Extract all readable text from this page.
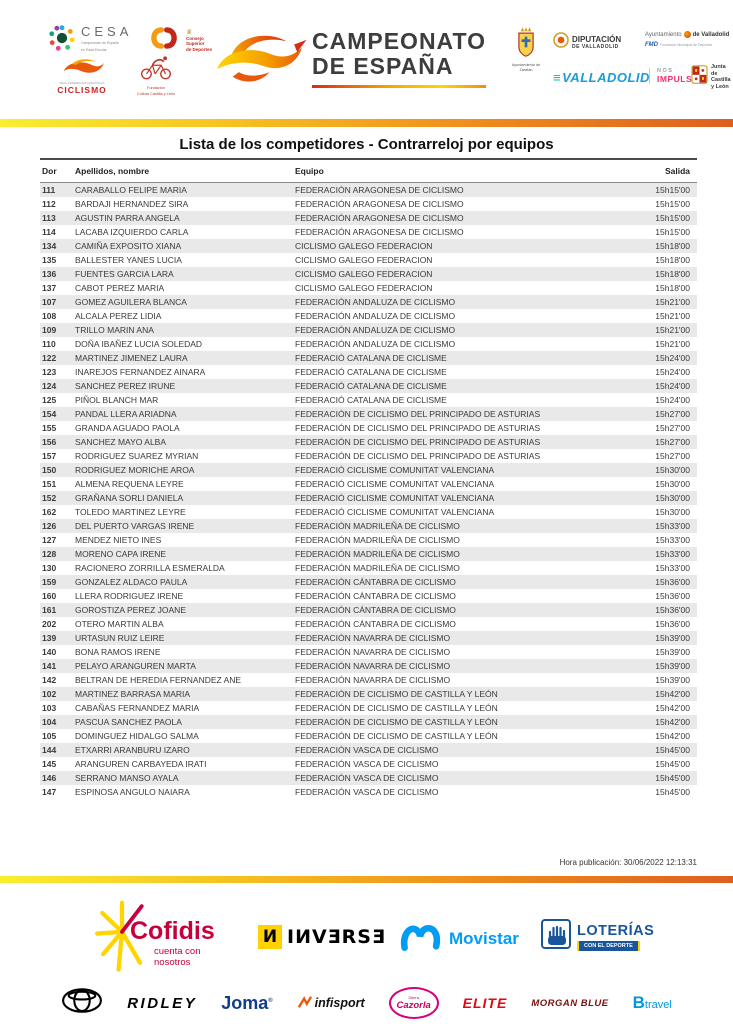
CESA
Campeonato de España
en Edad Escolar
♛
Consejo
Superior
de Deportes
REAL FEDERACIÓN ESPAÑOLA
CICLISMO	Fundación
Cultura Castilla y León
CAMPEONATO
DE ESPAÑA	Ayuntamiento de
Zaratán
DIPUTACIÓN
DE VALLADOLID
Ayuntamiento de Valladolid
FMD Fundación Municipal de Deportes
≡ VALLADOLID NOS
IMPULS
Junta de
Castilla y León
Lista de los competidores - Contrarreloj por equipos
Dor	Apellidos, nombre	Equipo	Salida
111	CARABALLO FELIPE MARIA	FEDERACIÓN ARAGONESA DE CICLISMO	15h15'00
112	BARDAJI HERNANDEZ SIRA	FEDERACIÓN ARAGONESA DE CICLISMO	15h15'00
113	AGUSTIN PARRA ANGELA	FEDERACIÓN ARAGONESA DE CICLISMO	15h15'00
114	LACABA IZQUIERDO CARLA	FEDERACIÓN ARAGONESA DE CICLISMO	15h15'00
134	CAMIÑA EXPOSITO XIANA	CICLISMO GALEGO FEDERACION	15h18'00
135	BALLESTER YANES LUCIA	CICLISMO GALEGO FEDERACION	15h18'00
136	FUENTES GARCIA LARA	CICLISMO GALEGO FEDERACION	15h18'00
137	CABOT PEREZ MARIA	CICLISMO GALEGO FEDERACION	15h18'00
107	GOMEZ AGUILERA BLANCA	FEDERACIÓN ANDALUZA DE CICLISMO	15h21'00
108	ALCALA PEREZ LIDIA	FEDERACIÓN ANDALUZA DE CICLISMO	15h21'00
109	TRILLO MARIN ANA	FEDERACIÓN ANDALUZA DE CICLISMO	15h21'00
110	DOÑA IBAÑEZ LUCIA SOLEDAD	FEDERACIÓN ANDALUZA DE CICLISMO	15h21'00
122	MARTINEZ JIMENEZ LAURA	FEDERACIÓ CATALANA DE CICLISME	15h24'00
123	INAREJOS FERNANDEZ AINARA	FEDERACIÓ CATALANA DE CICLISME	15h24'00
124	SANCHEZ PEREZ IRUNE	FEDERACIÓ CATALANA DE CICLISME	15h24'00
125	PIÑOL BLANCH MAR	FEDERACIÓ CATALANA DE CICLISME	15h24'00
154	PANDAL LLERA ARIADNA	FEDERACIÓN DE CICLISMO DEL PRINCIPADO DE ASTURIAS	15h27'00
155	GRANDA AGUADO PAOLA	FEDERACIÓN DE CICLISMO DEL PRINCIPADO DE ASTURIAS	15h27'00
156	SANCHEZ MAYO ALBA	FEDERACIÓN DE CICLISMO DEL PRINCIPADO DE ASTURIAS	15h27'00
157	RODRIGUEZ SUAREZ MYRIAN	FEDERACIÓN DE CICLISMO DEL PRINCIPADO DE ASTURIAS	15h27'00
150	RODRIGUEZ MORICHE AROA	FEDERACIÓ CICLISME COMUNITAT VALENCIANA	15h30'00
151	ALMENA REQUENA LEYRE	FEDERACIÓ CICLISME COMUNITAT VALENCIANA	15h30'00
152	GRAÑANA SORLI DANIELA	FEDERACIÓ CICLISME COMUNITAT VALENCIANA	15h30'00
162	TOLEDO MARTINEZ LEYRE	FEDERACIÓ CICLISME COMUNITAT VALENCIANA	15h30'00
126	DEL PUERTO VARGAS IRENE	FEDERACIÓN MADRILEÑA DE CICLISMO	15h33'00
127	MENDEZ NIETO INES	FEDERACIÓN MADRILEÑA DE CICLISMO	15h33'00
128	MORENO CAPA IRENE	FEDERACIÓN MADRILEÑA DE CICLISMO	15h33'00
130	RACIONERO ZORRILLA ESMERALDA	FEDERACIÓN MADRILEÑA DE CICLISMO	15h33'00
159	GONZALEZ ALDACO PAULA	FEDERACIÓN CÁNTABRA DE CICLISMO	15h36'00
160	LLERA RODRIGUEZ IRENE	FEDERACIÓN CÁNTABRA DE CICLISMO	15h36'00
161	GOROSTIZA PEREZ JOANE	FEDERACIÓN CÁNTABRA DE CICLISMO	15h36'00
202	OTERO MARTIN ALBA	FEDERACIÓN CÁNTABRA DE CICLISMO	15h36'00
139	URTASUN RUIZ LEIRE	FEDERACIÓN NAVARRA DE CICLISMO	15h39'00
140	BONA RAMOS IRENE	FEDERACIÓN NAVARRA DE CICLISMO	15h39'00
141	PELAYO ARANGUREN MARTA	FEDERACIÓN NAVARRA DE CICLISMO	15h39'00
142	BELTRAN DE HEREDIA FERNANDEZ ANE	FEDERACIÓN NAVARRA DE CICLISMO	15h39'00
102	MARTINEZ BARRASA MARIA	FEDERACIÓN DE CICLISMO DE CASTILLA Y LEÓN	15h42'00
103	CABAÑAS FERNANDEZ MARIA	FEDERACIÓN DE CICLISMO DE CASTILLA Y LEÓN	15h42'00
104	PASCUA SANCHEZ PAOLA	FEDERACIÓN DE CICLISMO DE CASTILLA Y LEÓN	15h42'00
105	DOMINGUEZ HIDALGO SALMA	FEDERACIÓN DE CICLISMO DE CASTILLA Y LEÓN	15h42'00
144	ETXARRI ARANBURU IZARO	FEDERACIÓN VASCA DE CICLISMO	15h45'00
145	ARANGUREN CARBAYEDA IRATI	FEDERACIÓN VASCA DE CICLISMO	15h45'00
146	SERRANO MANSO AYALA	FEDERACIÓN VASCA DE CICLISMO	15h45'00
147	ESPINOSA ANGULO NAIARA	FEDERACIÓN VASCA DE CICLISMO	15h45'00
Hora publicación: 30/06/2022 12:13:31
Cofidis
cuenta con
nosotros
И IИVƎRSƎ	Movistar	LOTERÍAS
CON EL DEPORTE
RIDLEY Joma®	infisport	Sierra
Cazorla ELITE	MORGAN BLUE B travel
